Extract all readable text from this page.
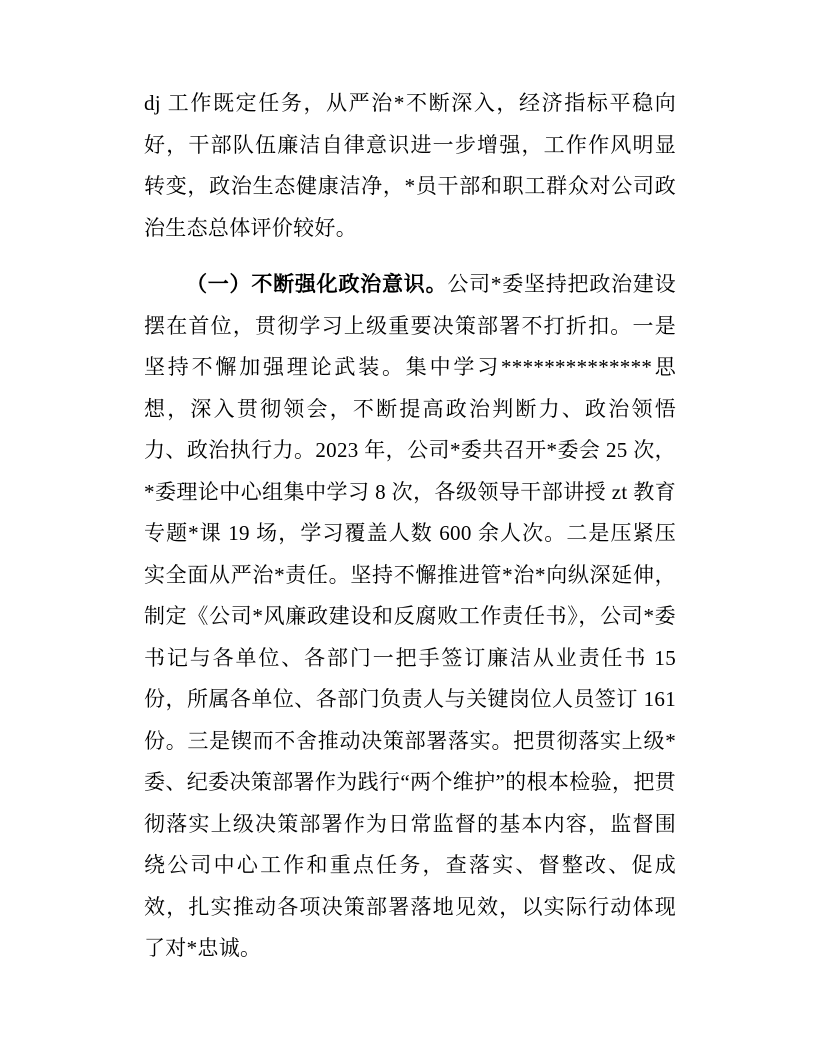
dj 工作既定任务，从严治*不断深入，经济指标平稳向好，干部队伍廉洁自律意识进一步增强，工作作风明显转变，政治生态健康洁净，*员干部和职工群众对公司政治生态总体评价较好。

（一）不断强化政治意识。公司*委坚持把政治建设摆在首位，贯彻学习上级重要决策部署不打折扣。一是坚持不懈加强理论武装。集中学习**************思想，深入贯彻领会，不断提高政治判断力、政治领悟力、政治执行力。2023 年，公司*委共召开*委会 25 次，*委理论中心组集中学习 8 次，各级领导干部讲授 zt 教育专题*课 19 场，学习覆盖人数 600 余人次。二是压紧压实全面从严治*责任。坚持不懈推进管*治*向纵深延伸，制定《公司*风廉政建设和反腐败工作责任书》，公司*委书记与各单位、各部门一把手签订廉洁从业责任书 15 份，所属各单位、各部门负责人与关键岗位人员签订 161 份。三是锲而不舍推动决策部署落实。把贯彻落实上级*委、纪委决策部署作为践行“两个维护”的根本检验，把贯彻落实上级决策部署作为日常监督的基本内容，监督围绕公司中心工作和重点任务，查落实、督整改、促成效，扎实推动各项决策部署落地见效，以实际行动体现了对*忠诚。
